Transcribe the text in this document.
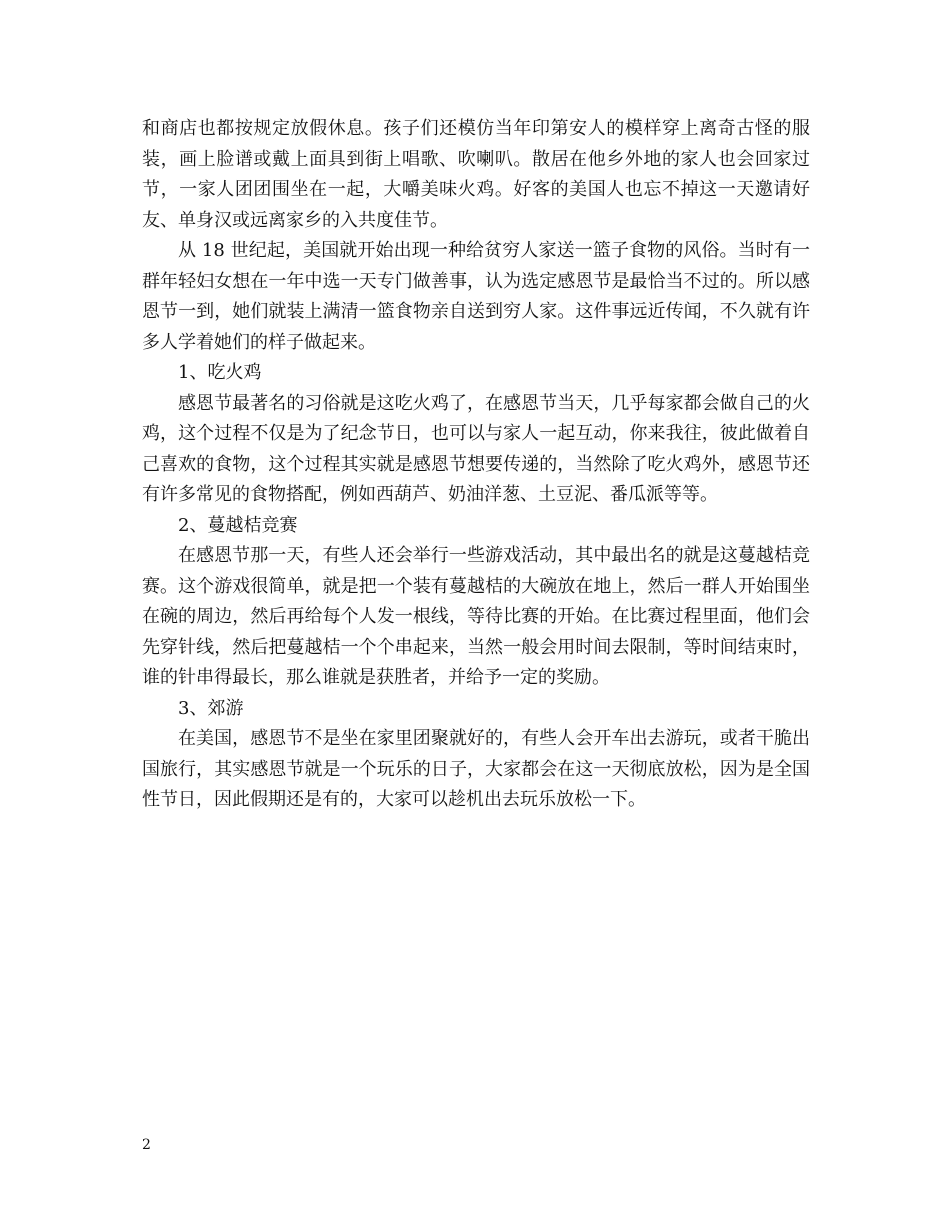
和商店也都按规定放假休息。孩子们还模仿当年印第安人的模样穿上离奇古怪的服装，画上脸谱或戴上面具到街上唱歌、吹喇叭。散居在他乡外地的家人也会回家过节，一家人团团围坐在一起，大嚼美味火鸡。好客的美国人也忘不掉这一天邀请好友、单身汉或远离家乡的入共度佳节。

从 18 世纪起，美国就开始出现一种给贫穷人家送一篮子食物的风俗。当时有一群年轻妇女想在一年中选一天专门做善事，认为选定感恩节是最恰当不过的。所以感恩节一到，她们就装上满清一篮食物亲自送到穷人家。这件事远近传闻，不久就有许多人学着她们的样子做起来。

1、吃火鸡

感恩节最著名的习俗就是这吃火鸡了，在感恩节当天，几乎每家都会做自己的火鸡，这个过程不仅是为了纪念节日，也可以与家人一起互动，你来我往，彼此做着自己喜欢的食物，这个过程其实就是感恩节想要传递的，当然除了吃火鸡外，感恩节还有许多常见的食物搭配，例如西葫芦、奶油洋葱、土豆泥、番瓜派等等。

2、蔓越桔竞赛

在感恩节那一天，有些人还会举行一些游戏活动，其中最出名的就是这蔓越桔竞赛。这个游戏很简单，就是把一个装有蔓越桔的大碗放在地上，然后一群人开始围坐在碗的周边，然后再给每个人发一根线，等待比赛的开始。在比赛过程里面，他们会先穿针线，然后把蔓越桔一个个串起来，当然一般会用时间去限制，等时间结束时，谁的针串得最长，那么谁就是获胜者，并给予一定的奖励。

3、郊游

在美国，感恩节不是坐在家里团聚就好的，有些人会开车出去游玩，或者干脆出国旅行，其实感恩节就是一个玩乐的日子，大家都会在这一天彻底放松，因为是全国性节日，因此假期还是有的，大家可以趁机出去玩乐放松一下。

2
